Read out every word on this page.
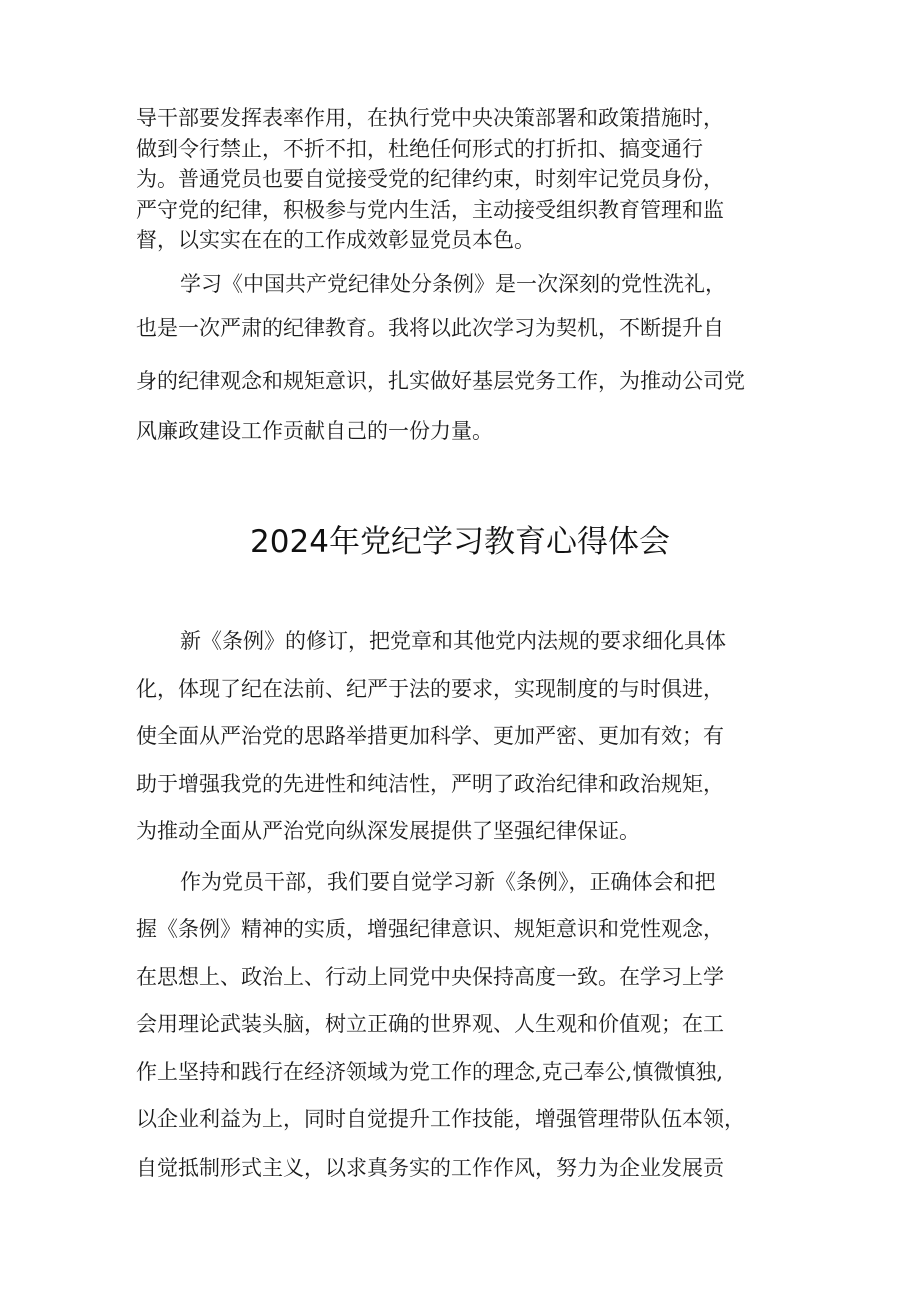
导干部要发挥表率作用，在执行党中央决策部署和政策措施时，
做到令行禁止，不折不扣，杜绝任何形式的打折扣、搞变通行
为。普通党员也要自觉接受党的纪律约束，时刻牢记党员身份，
严守党的纪律，积极参与党内生活，主动接受组织教育管理和监
督，以实实在在的工作成效彰显党员本色。
学习《中国共产党纪律处分条例》是一次深刻的党性洗礼，
也是一次严肃的纪律教育。我将以此次学习为契机，不断提升自
身的纪律观念和规矩意识，扎实做好基层党务工作，为推动公司党
风廉政建设工作贡献自己的一份力量。
2024年党纪学习教育心得体会
新《条例》的修订，把党章和其他党内法规的要求细化具体
化，体现了纪在法前、纪严于法的要求，实现制度的与时俱进，
使全面从严治党的思路举措更加科学、更加严密、更加有效；有
助于增强我党的先进性和纯洁性，严明了政治纪律和政治规矩，
为推动全面从严治党向纵深发展提供了坚强纪律保证。
作为党员干部，我们要自觉学习新《条例》，正确体会和把
握《条例》精神的实质，增强纪律意识、规矩意识和党性观念，
在思想上、政治上、行动上同党中央保持高度一致。在学习上学
会用理论武装头脑，树立正确的世界观、人生观和价值观；在工
作上坚持和践行在经济领域为党工作的理念,克己奉公,慎微慎独,
以企业利益为上，同时自觉提升工作技能，增强管理带队伍本领，
自觉抵制形式主义，以求真务实的工作作风，努力为企业发展贡
